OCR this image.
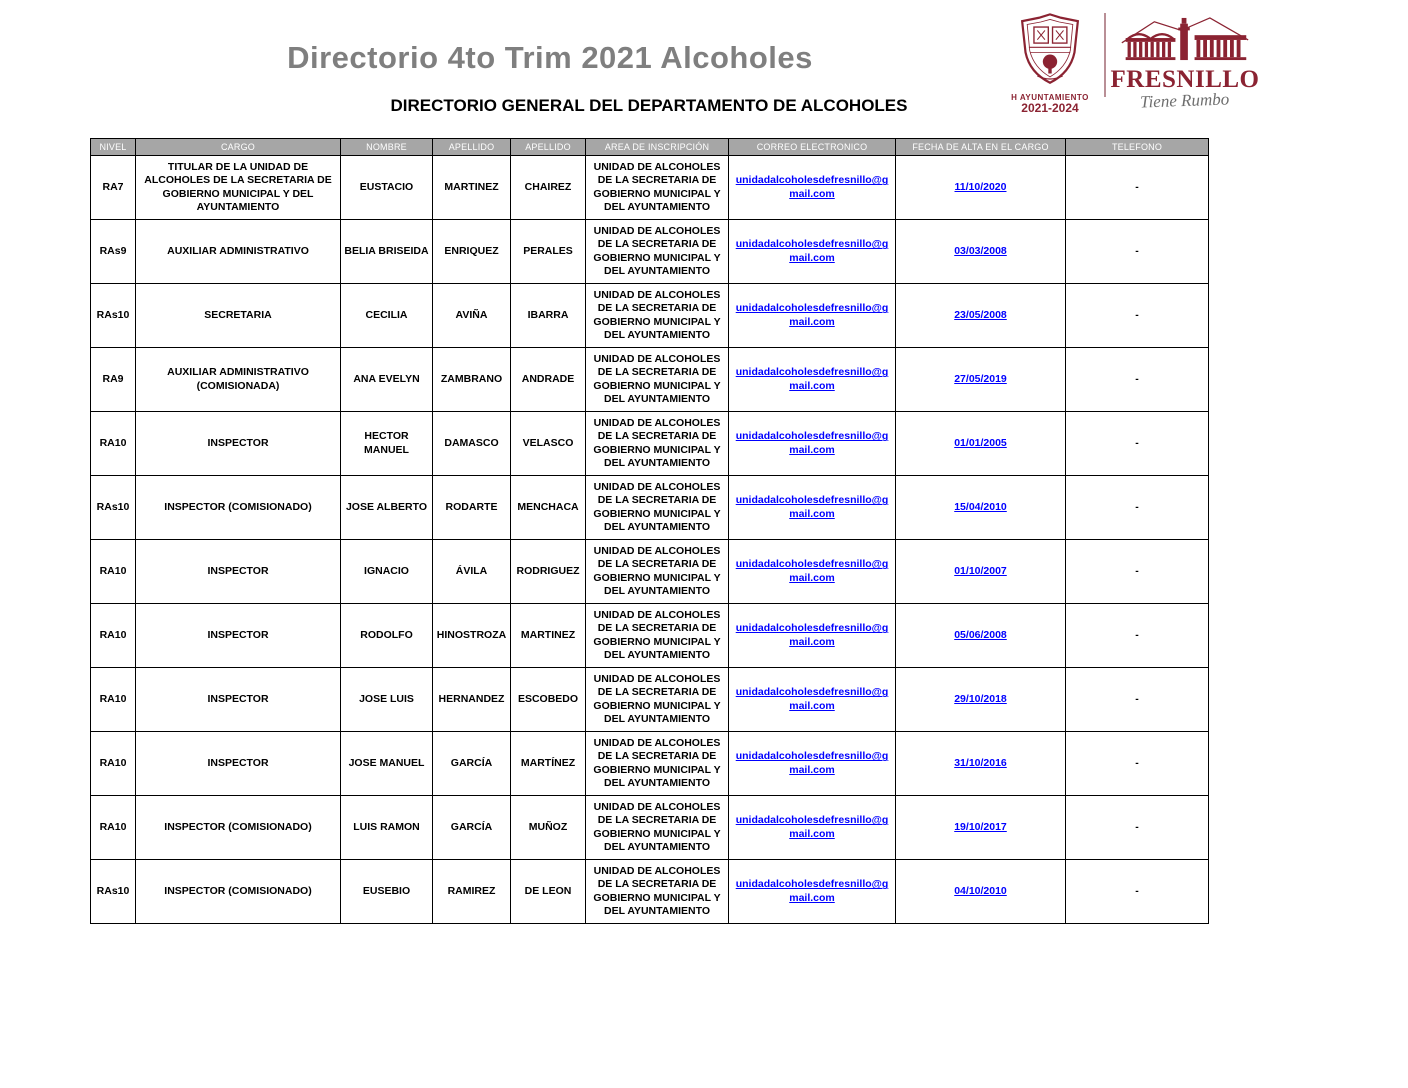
Directorio 4to Trim 2021 Alcoholes
DIRECTORIO GENERAL DEL DEPARTAMENTO DE ALCOHOLES	H AYUNTAMIENTO
2021-2024
FRESNILLO
Tiene Rumbo
NIVEL	CARGO	NOMBRE	APELLIDO	APELLIDO	AREA DE INSCRIPCIÓN	CORREO ELECTRONICO	FECHA DE ALTA EN EL CARGO	TELEFONO
RA7	TITULAR DE LA UNIDAD DE ALCOHOLES DE LA SECRETARIA DE GOBIERNO MUNICIPAL Y DEL AYUNTAMIENTO	EUSTACIO	MARTINEZ	CHAIREZ	UNIDAD DE ALCOHOLES DE LA SECRETARIA DE GOBIERNO MUNICIPAL Y DEL AYUNTAMIENTO	unidadalcoholesdefresnillo@gmail.com	11/10/2020	-
RAs9	AUXILIAR ADMINISTRATIVO	BELIA BRISEIDA	ENRIQUEZ	PERALES	UNIDAD DE ALCOHOLES DE LA SECRETARIA DE GOBIERNO MUNICIPAL Y DEL AYUNTAMIENTO	unidadalcoholesdefresnillo@gmail.com	03/03/2008	-
RAs10	SECRETARIA	CECILIA	AVIÑA	IBARRA	UNIDAD DE ALCOHOLES DE LA SECRETARIA DE GOBIERNO MUNICIPAL Y DEL AYUNTAMIENTO	unidadalcoholesdefresnillo@gmail.com	23/05/2008	-
RA9	AUXILIAR ADMINISTRATIVO (COMISIONADA)	ANA EVELYN	ZAMBRANO	ANDRADE	UNIDAD DE ALCOHOLES DE LA SECRETARIA DE GOBIERNO MUNICIPAL Y DEL AYUNTAMIENTO	unidadalcoholesdefresnillo@gmail.com	27/05/2019	-
RA10	INSPECTOR	HECTOR MANUEL	DAMASCO	VELASCO	UNIDAD DE ALCOHOLES DE LA SECRETARIA DE GOBIERNO MUNICIPAL Y DEL AYUNTAMIENTO	unidadalcoholesdefresnillo@gmail.com	01/01/2005	-
RAs10	INSPECTOR (COMISIONADO)	JOSE ALBERTO	RODARTE	MENCHACA	UNIDAD DE ALCOHOLES DE LA SECRETARIA DE GOBIERNO MUNICIPAL Y DEL AYUNTAMIENTO	unidadalcoholesdefresnillo@gmail.com	15/04/2010	-
RA10	INSPECTOR	IGNACIO	ÁVILA	RODRIGUEZ	UNIDAD DE ALCOHOLES DE LA SECRETARIA DE GOBIERNO MUNICIPAL Y DEL AYUNTAMIENTO	unidadalcoholesdefresnillo@gmail.com	01/10/2007	-
RA10	INSPECTOR	RODOLFO	HINOSTROZA	MARTINEZ	UNIDAD DE ALCOHOLES DE LA SECRETARIA DE GOBIERNO MUNICIPAL Y DEL AYUNTAMIENTO	unidadalcoholesdefresnillo@gmail.com	05/06/2008	-
RA10	INSPECTOR	JOSE LUIS	HERNANDEZ	ESCOBEDO	UNIDAD DE ALCOHOLES DE LA SECRETARIA DE GOBIERNO MUNICIPAL Y DEL AYUNTAMIENTO	unidadalcoholesdefresnillo@gmail.com	29/10/2018	-
RA10	INSPECTOR	JOSE MANUEL	GARCÍA	MARTÍNEZ	UNIDAD DE ALCOHOLES DE LA SECRETARIA DE GOBIERNO MUNICIPAL Y DEL AYUNTAMIENTO	unidadalcoholesdefresnillo@gmail.com	31/10/2016	-
RA10	INSPECTOR (COMISIONADO)	LUIS RAMON	GARCÍA	MUÑOZ	UNIDAD DE ALCOHOLES DE LA SECRETARIA DE GOBIERNO MUNICIPAL Y DEL AYUNTAMIENTO	unidadalcoholesdefresnillo@gmail.com	19/10/2017	-
RAs10	INSPECTOR (COMISIONADO)	EUSEBIO	RAMIREZ	DE LEON	UNIDAD DE ALCOHOLES DE LA SECRETARIA DE GOBIERNO MUNICIPAL Y DEL AYUNTAMIENTO	unidadalcoholesdefresnillo@gmail.com	04/10/2010	-
